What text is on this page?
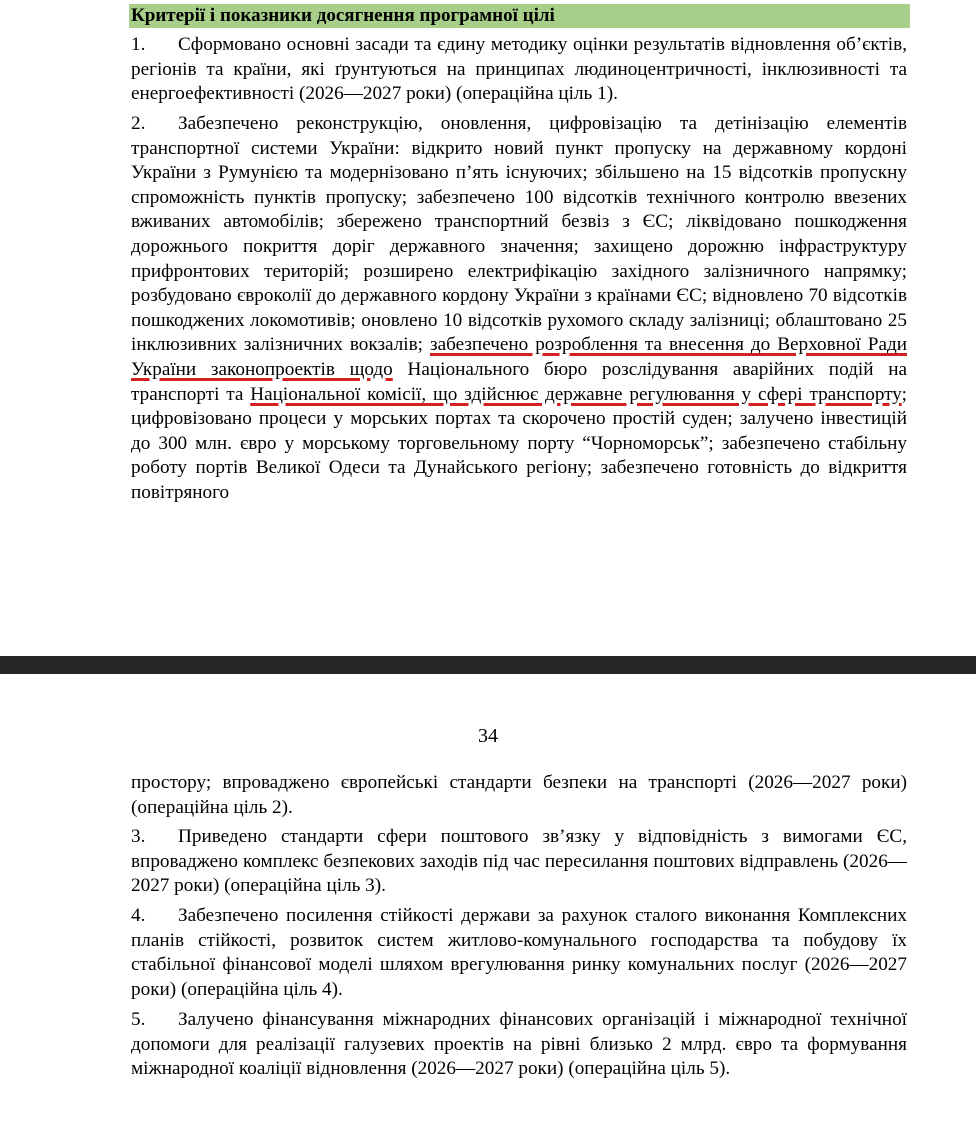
Критерії і показники досягнення програмної цілі
1. Сформовано основні засади та єдину методику оцінки результатів відновлення об’єктів, регіонів та країни, які ґрунтуються на принципах людиноцентричності, інклюзивності та енергоефективності (2026—2027 роки) (операційна ціль 1).
2. Забезпечено реконструкцію, оновлення, цифровізацію та детінізацію елементів транспортної системи України: відкрито новий пункт пропуску на державному кордоні України з Румунією та модернізовано п’ять існуючих; збільшено на 15 відсотків пропускну спроможність пунктів пропуску; забезпечено 100 відсотків технічного контролю ввезених вживаних автомобілів; збережено транспортний безвіз з ЄС; ліквідовано пошкодження дорожнього покриття доріг державного значення; захищено дорожню інфраструктуру прифронтових територій; розширено електрифікацію західного залізничного напрямку; розбудовано євроколії до державного кордону України з країнами ЄС; відновлено 70 відсотків пошкоджених локомотивів; оновлено 10 відсотків рухомого складу залізниці; облаштовано 25 інклюзивних залізничних вокзалів; забезпечено розроблення та внесення до Верховної Ради України законопроектів щодо Національного бюро розслідування аварійних подій на транспорті та Національної комісії, що здійснює державне регулювання у сфері транспорту; цифровізовано процеси у морських портах та скорочено простій суден; залучено інвестицій до 300 млн. євро у морському торговельному порту “Чорноморськ”; забезпечено стабільну роботу портів Великої Одеси та Дунайського регіону; забезпечено готовність до відкриття повітряного
34
простору; впроваджено європейські стандарти безпеки на транспорті (2026—2027 роки) (операційна ціль 2).
3. Приведено стандарти сфери поштового зв’язку у відповідність з вимогами ЄС, впроваджено комплекс безпекових заходів під час пересилання поштових відправлень (2026—2027 роки) (операційна ціль 3).
4. Забезпечено посилення стійкості держави за рахунок сталого виконання Комплексних планів стійкості, розвиток систем житлово-комунального господарства та побудову їх стабільної фінансової моделі шляхом врегулювання ринку комунальних послуг (2026—2027 роки) (операційна ціль 4).
5. Залучено фінансування міжнародних фінансових організацій і міжнародної технічної допомоги для реалізації галузевих проектів на рівні близько 2 млрд. євро та формування міжнародної коаліції відновлення (2026—2027 роки) (операційна ціль 5).
